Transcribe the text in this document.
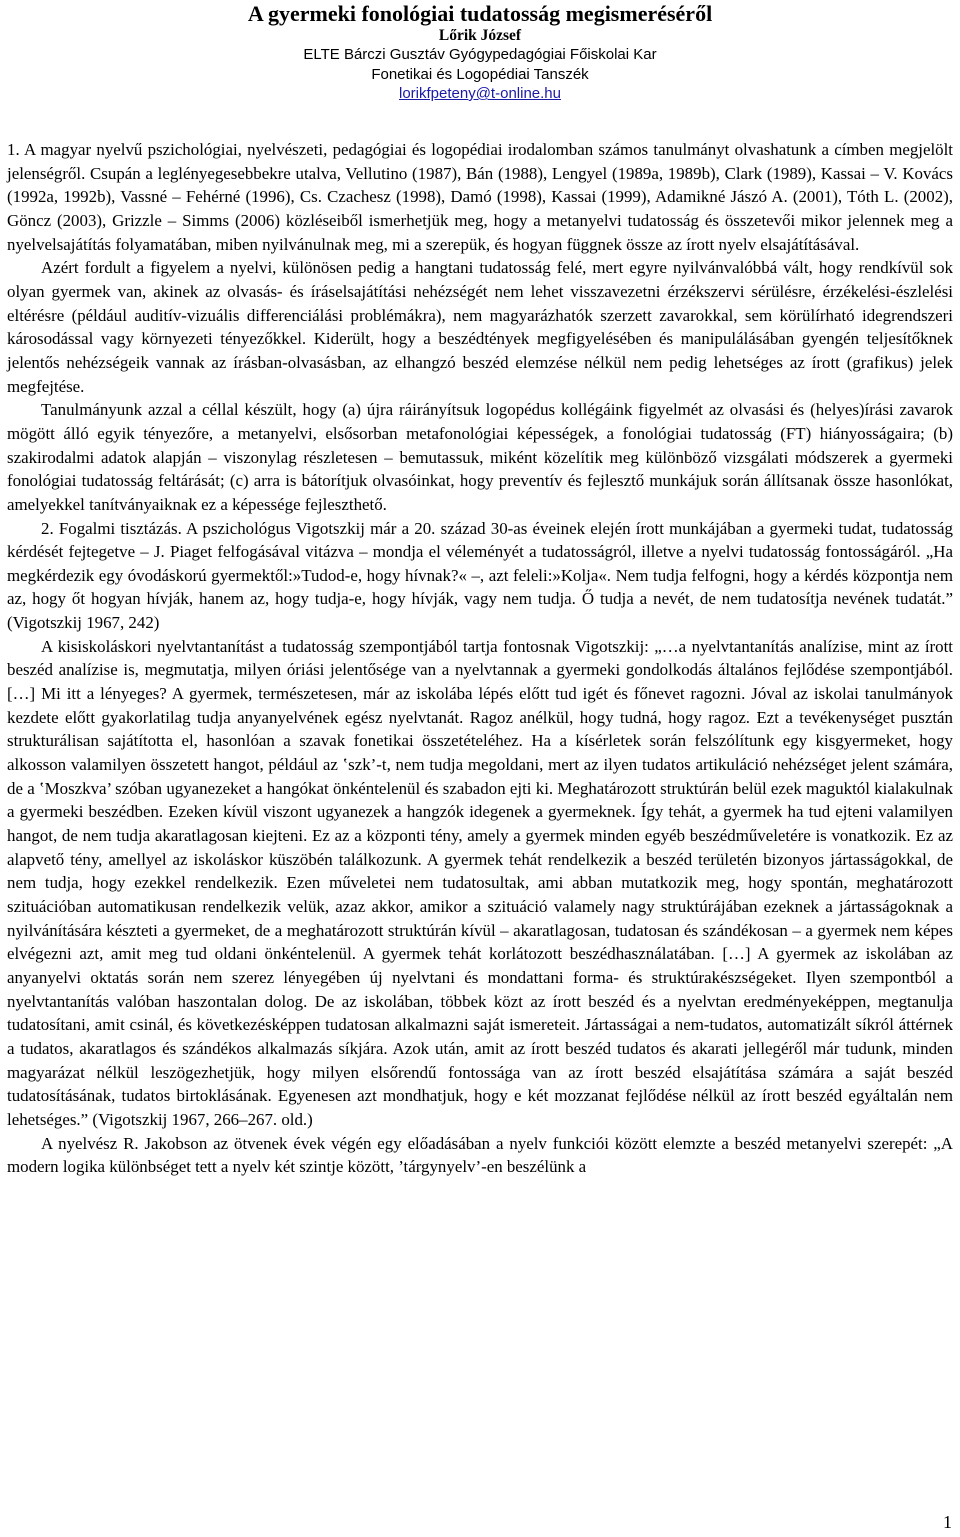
A gyermeki fonológiai tudatosság megismeréséről
Lőrik József
ELTE Bárczi Gusztáv Gyógypedagógiai Főiskolai Kar
Fonetikai és Logopédiai Tanszék
lorikfpeteny@t-online.hu

1. A magyar nyelvű pszichológiai, nyelvészeti, pedagógiai és logopédiai irodalomban számos tanulmányt olvashatunk a címben megjelölt jelenségről. Csupán a leglényegesebbekre utalva, Vellutino (1987), Bán (1988), Lengyel (1989a, 1989b), Clark (1989), Kassai – V. Kovács (1992a, 1992b), Vassné – Fehérné (1996), Cs. Czachesz (1998), Damó (1998), Kassai (1999), Adamikné Jászó A. (2001), Tóth L. (2002), Göncz (2003), Grizzle – Simms (2006) közléseiből ismerhetjük meg, hogy a metanyelvi tudatosság és összetevői mikor jelennek meg a nyelvelsajátítás folyamatában, miben nyilvánulnak meg, mi a szerepük, és hogyan függnek össze az írott nyelv elsajátításával.

Azért fordult a figyelem a nyelvi, különösen pedig a hangtani tudatosság felé, mert egyre nyilvánvalóbbá vált, hogy rendkívül sok olyan gyermek van, akinek az olvasás- és íráselsajátítási nehézségét nem lehet visszavezetni érzékszervi sérülésre, érzékelési-észlelési eltérésre (például auditív-vizuális differenciálási problémákra), nem magyarázhatók szerzett zavarokkal, sem körülírható idegrendszeri károsodással vagy környezeti tényezőkkel. Kiderült, hogy a beszédtények megfigyelésében és manipulálásában gyengén teljesítőknek jelentős nehézségeik vannak az írásban-olvasásban, az elhangzó beszéd elemzése nélkül nem pedig lehetséges az írott (grafikus) jelek megfejtése.

Tanulmányunk azzal a céllal készült, hogy (a) újra ráirányítsuk logopédus kollégáink figyelmét az olvasási és (helyes)írási zavarok mögött álló egyik tényezőre, a metanyelvi, elsősorban metafonológiai képességek, a fonológiai tudatosság (FT) hiányosságaira; (b) szakirodalmi adatok alapján – viszonylag részletesen – bemutassuk, miként közelítik meg különböző vizsgálati módszerek a gyermeki fonológiai tudatosság feltárását; (c) arra is bátorítjuk olvasóinkat, hogy preventív és fejlesztő munkájuk során állítsanak össze hasonlókat, amelyekkel tanítványaiknak ez a képessége fejleszthető.

2. Fogalmi tisztázás. A pszichológus Vigotszkij már a 20. század 30-as éveinek elején írott munkájában a gyermeki tudat, tudatosság kérdését fejtegetve – J. Piaget felfogásával vitázva – mondja el véleményét a tudatosságról, illetve a nyelvi tudatosság fontosságáról. „Ha megkérdezik egy óvodáskorú gyermektől:»Tudod-e, hogy hívnak?« –, azt feleli:»Kolja«. Nem tudja felfogni, hogy a kérdés központja nem az, hogy őt hogyan hívják, hanem az, hogy tudja-e, hogy hívják, vagy nem tudja. Ő tudja a nevét, de nem tudatosítja nevének tudatát.” (Vigotszkij 1967, 242)

A kisiskoláskori nyelvtantanítást a tudatosság szempontjából tartja fontosnak Vigotszkij: „…a nyelvtantanítás analízise, mint az írott beszéd analízise is, megmutatja, milyen óriási jelentősége van a nyelvtannak a gyermeki gondolkodás általános fejlődése szempontjából. […] Mi itt a lényeges? A gyermek, természetesen, már az iskolába lépés előtt tud igét és főnevet ragozni. Jóval az iskolai tanulmányok kezdete előtt gyakorlatilag tudja anyanyelvének egész nyelvtanát. Ragoz anélkül, hogy tudná, hogy ragoz. Ezt a tevékenységet pusztán strukturálisan sajátította el, hasonlóan a szavak fonetikai összetételéhez. Ha a kísérletek során felszólítunk egy kisgyermeket, hogy alkosson valamilyen összetett hangot, például az ʽszk’-t, nem tudja megoldani, mert az ilyen tudatos artikuláció nehézséget jelent számára, de a ʽMoszkva’ szóban ugyanezeket a hangókat önkéntelenül és szabadon ejti ki. Meghatározott struktúrán belül ezek maguktól kialakulnak a gyermeki beszédben. Ezeken kívül viszont ugyanezek a hangzók idegenek a gyermeknek. Így tehát, a gyermek ha tud ejteni valamilyen hangot, de nem tudja akaratlagosan kiejteni. Ez az a központi tény, amely a gyermek minden egyéb beszédműveletére is vonatkozik. Ez az alapvető tény, amellyel az iskoláskor küszöbén találkozunk. A gyermek tehát rendelkezik a beszéd területén bizonyos jártasságokkal, de nem tudja, hogy ezekkel rendelkezik. Ezen műveletei nem tudatosultak, ami abban mutatkozik meg, hogy spontán, meghatározott szituációban automatikusan rendelkezik velük, azaz akkor, amikor a szituáció valamely nagy struktúrájában ezeknek a jártasságoknak a nyilvánítására készteti a gyermeket, de a meghatározott struktúrán kívül – akaratlagosan, tudatosan és szándékosan – a gyermek nem képes elvégezni azt, amit meg tud oldani önkéntelenül. A gyermek tehát korlátozott beszédhasználatában. […] A gyermek az iskolában az anyanyelvi oktatás során nem szerez lényegében új nyelvtani és mondattani forma- és struktúrakészségeket. Ilyen szempontból a nyelvtantanítás valóban haszontalan dolog. De az iskolában, többek közt az írott beszéd és a nyelvtan eredményeképpen, megtanulja tudatosítani, amit csinál, és következésképpen tudatosan alkalmazni saját ismereteit. Jártasságai a nem-tudatos, automatizált síkról áttérnek a tudatos, akaratlagos és szándékos alkalmazás síkjára. Azok után, amit az írott beszéd tudatos és akarati jellegéről már tudunk, minden magyarázat nélkül leszögezhetjük, hogy milyen elsőrendű fontossága van az írott beszéd elsajátítása számára a saját beszéd tudatosításának, tudatos birtoklásának. Egyenesen azt mondhatjuk, hogy e két mozzanat fejlődése nélkül az írott beszéd egyáltalán nem lehetséges.” (Vigotszkij 1967, 266–267. old.)

A nyelvész R. Jakobson az ötvenek évek végén egy előadásában a nyelv funkciói között elemzte a beszéd metanyelvi szerepét: „A modern logika különbséget tett a nyelv két szintje között, ’tárgynyelv’-en beszélünk a

1
